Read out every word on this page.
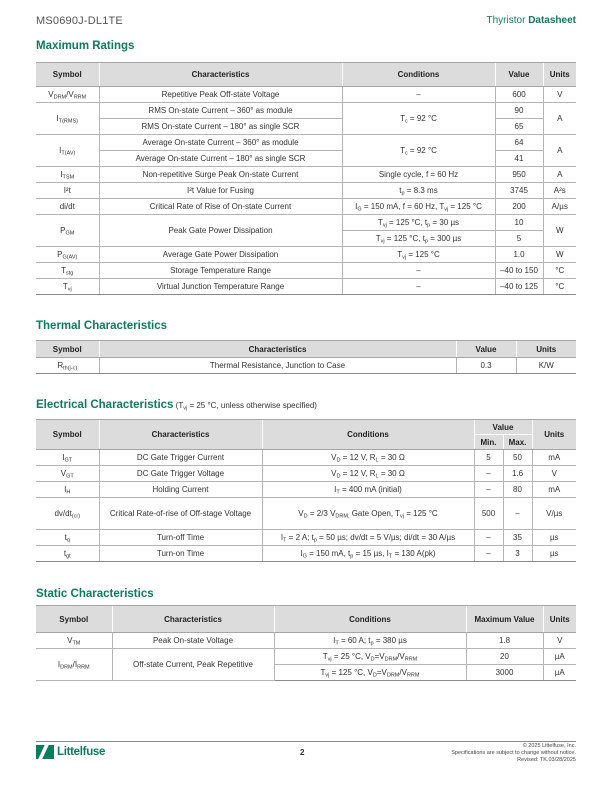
MS0690J-DL1TE	Thyristor Datasheet
Maximum Ratings
Symbol	Characteristics	Conditions	Value	Units
$V_{DRM}/V_{RRM}$	Repetitive Peak Off-state Voltage	–	600	V
$I_{T(RMS)}$	RMS On-state Current – 360° as module	$T_c = 92$ °C	90	A
	RMS On-state Current – 180° as single SCR		65	
$I_{T(AV)}$	Average On-state Current – 360° as module	$T_c = 92$ °C	64	A
	Average On-state Current – 180° as single SCR		41	
$I_{TSM}$	Non-repetitive Surge Peak On-state Current	Single cycle, f = 60 Hz	950	A
I²t	I²t Value for Fusing	$t_p = 8.3$ ms	3745	A²s
di/dt	Critical Rate of Rise of On-state Current	$I_G = 150$ mA, f = 60 Hz, $T_{vj} = 125$ °C	200	A/µs
$P_{GM}$	Peak Gate Power Dissipation	$T_{vj} = 125$ °C, $t_p = 30$ µs	10	W
		$T_{vj} = 125$ °C, $t_p = 300$ µs	5	
$P_{G(AV)}$	Average Gate Power Dissipation	$T_{vj} = 125$ °C	1.0	W
$T_{stg}$	Storage Temperature Range	–	–40 to 150	°C
$T_{vj}$	Virtual Junction Temperature Range	–	–40 to 125	°C
Thermal Characteristics
Symbol	Characteristics	Value	Units
$R_{th(j-c)}$	Thermal Resistance, Junction to Case	0.3	K/W
Electrical Characteristics ($T_{vj} = 25$ °C, unless otherwise specified)
Symbol	Characteristics	Conditions	Value		Units
			Min.	Max.	
$I_{GT}$	DC Gate Trigger Current	$V_D = 12$ V, $R_L = 30$ Ω	5	50	mA
$V_{GT}$	DC Gate Trigger Voltage	$V_D = 12$ V, $R_L = 30$ Ω	–	1.6	V
$I_H$	Holding Current	$I_T = 400$ mA (initial)	–	80	mA
$dv/dt_{(cr)}$	Critical Rate-of-rise of Off-stage Voltage	$V_D = 2/3$ $V_{DRM,}$ Gate Open, $T_{vj} = 125$ °C	500	–	V/µs
$t_q$	Turn-off Time	$I_T = 2$ A; $t_p = 50$ µs; dv/dt = 5 V/µs; di/dt = 30 A/µs	–	35	µs
$t_{gt}$	Turn-on Time	$I_G = 150$ mA, $t_p = 15$ µs, $I_T = 130$ A(pk)	–	3	µs
Static Characteristics
Symbol	Characteristics	Conditions	Maximum Value	Units
$V_{TM}$	Peak On-state Voltage	$I_T = 60$ A; $t_p = 380$ µs	1.8	V
$I_{DRM}/I_{RRM}$	Off-state Current, Peak Repetitive	$T_{vj} = 25$ °C, $V_D=V_{DRM}/V_{RRM}$	20	µA
		$T_{vj} = 125$ °C, $V_D=V_{DRM}/V_{RRM}$	3000	µA
Littelfuse	2
© 2025 Littelfuse, Inc.
Specifications are subject to change without notice.
Revised: TK.03/28/2025
